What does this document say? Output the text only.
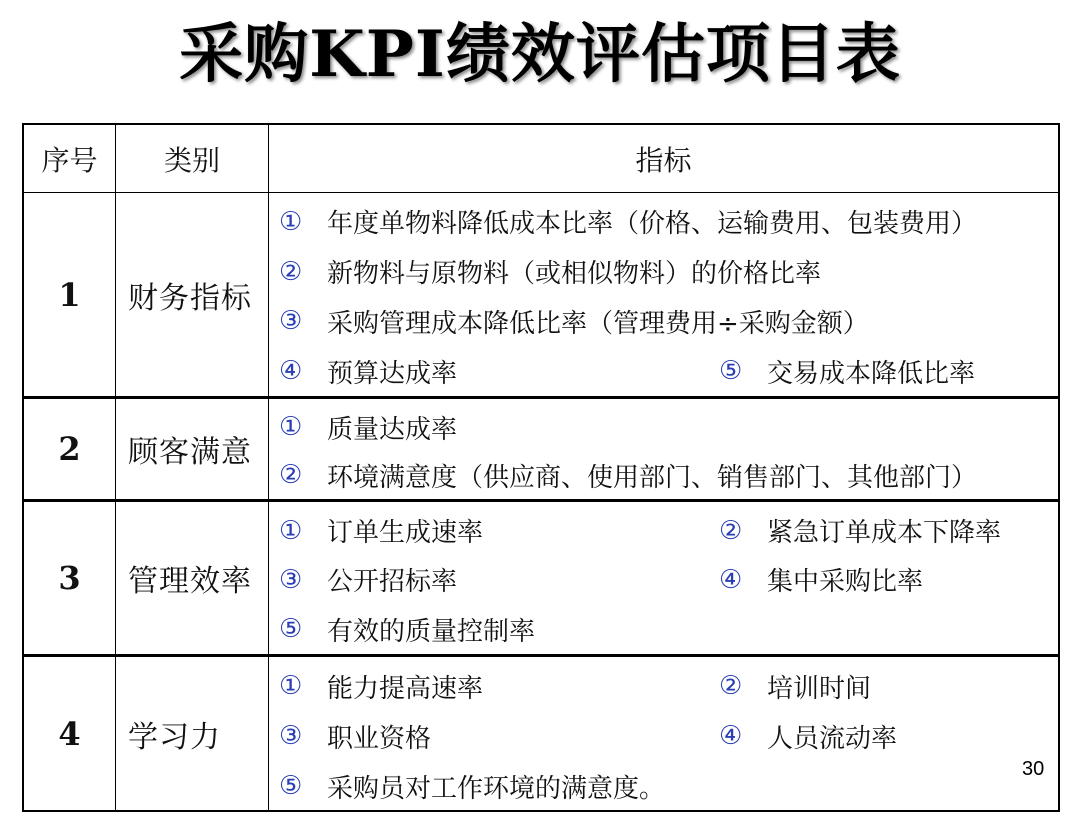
采购KPI绩效评估项目表
序号	类别	指标
1	财务指标
① 年度单物料降低成本比率（价格、运输费用、包装费用）
② 新物料与原物料（或相似物料）的价格比率
③ 采购管理成本降低比率（管理费用÷采购金额）
④ 预算达成率	⑤ 交易成本降低比率
2	顾客满意
① 质量达成率
② 环境满意度（供应商、使用部门、销售部门、其他部门）
3	管理效率
① 订单生成速率	② 紧急订单成本下降率
③ 公开招标率	④ 集中采购比率
⑤ 有效的质量控制率
4	学习力
① 能力提高速率	② 培训时间
③ 职业资格	④ 人员流动率
⑤ 采购员对工作环境的满意度。
30
